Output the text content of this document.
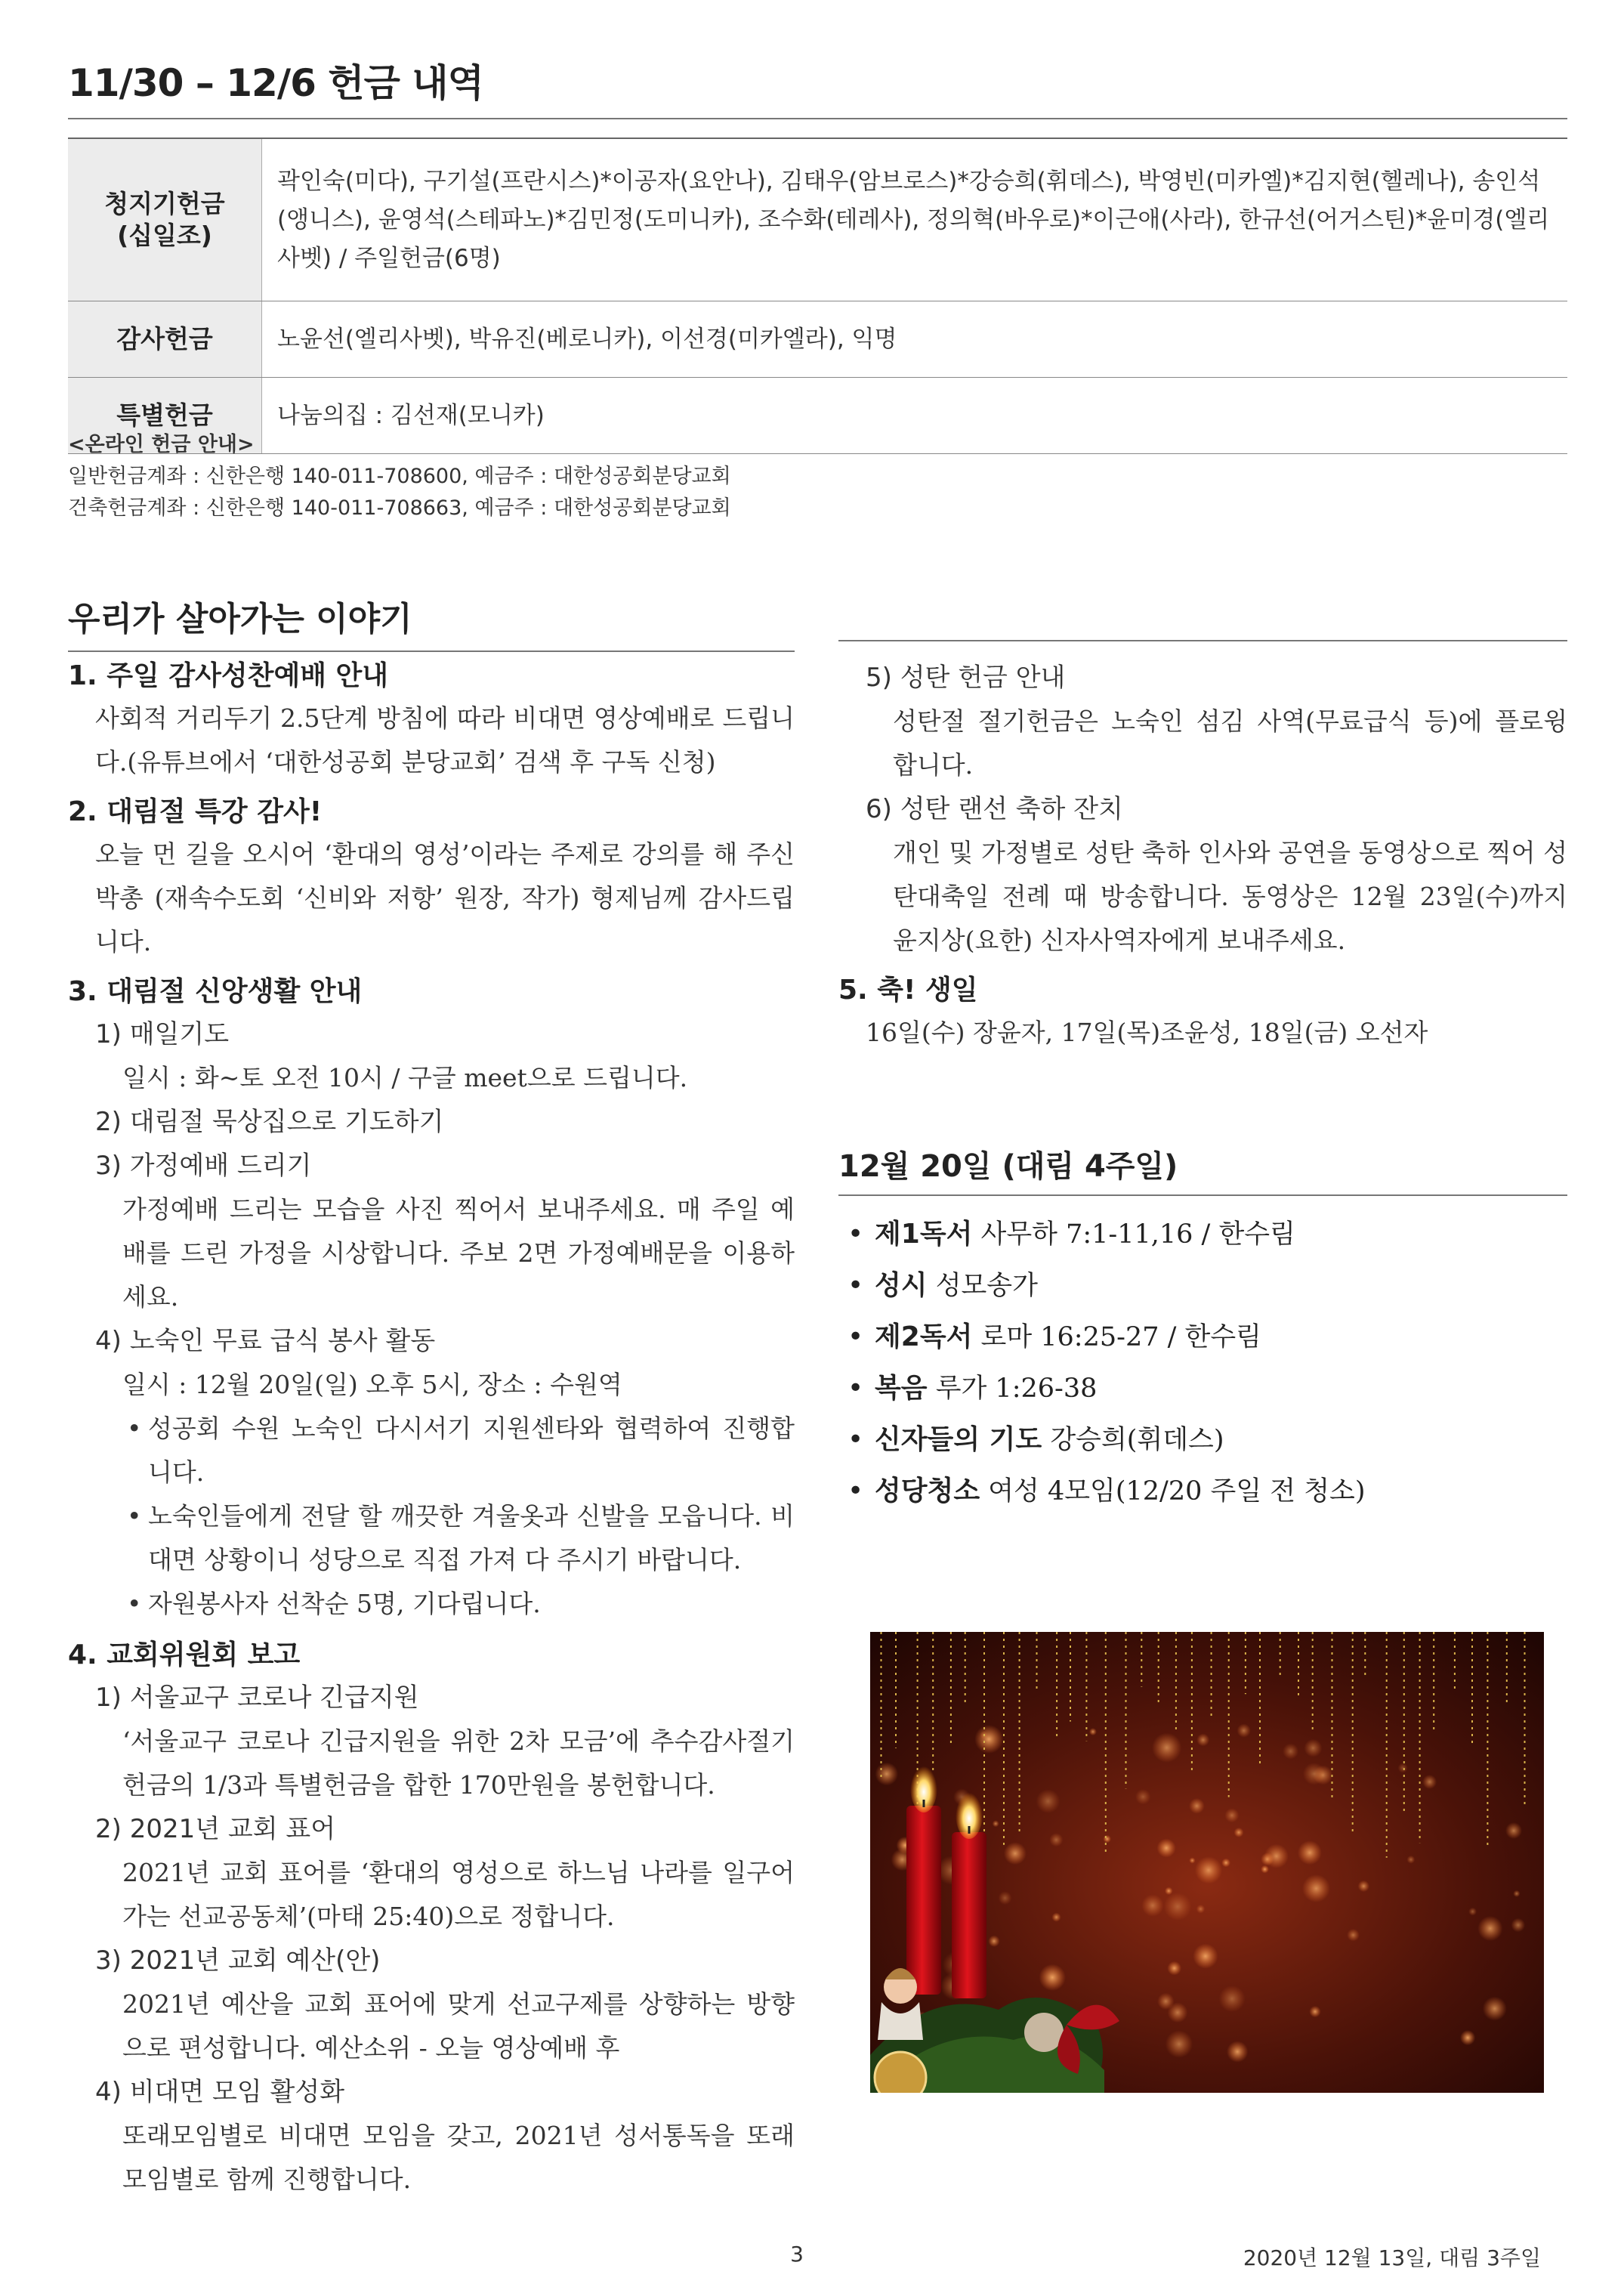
11/30 – 12/6 헌금 내역
청지기헌금
(십일조)	곽인숙(미다), 구기설(프란시스)*이공자(요안나), 김태우(암브로스)*강승희(휘데스), 박영빈(미카엘)*김지현(헬레나), 송인석(앵니스), 윤영석(스테파노)*김민정(도미니카), 조수화(테레사), 정의혁(바우로)*이근애(사라), 한규선(어거스틴)*윤미경(엘리사벳) / 주일헌금(6명)
감사헌금	노윤선(엘리사벳), 박유진(베로니카), 이선경(미카엘라), 익명
특별헌금	나눔의집 : 김선재(모니카)
<온라인 헌금 안내>
일반헌금계좌 : 신한은행 140-011-708600, 예금주 : 대한성공회분당교회
건축헌금계좌 : 신한은행 140-011-708663, 예금주 : 대한성공회분당교회
우리가 살아가는 이야기
1. 주일 감사성찬예배 안내
사회적 거리두기 2.5단계 방침에 따라 비대면 영상예배로 드립니다.(유튜브에서 ‘대한성공회 분당교회’ 검색 후 구독 신청)
2. 대림절 특강 감사!
오늘 먼 길을 오시어 ‘환대의 영성’이라는 주제로 강의를 해 주신 박총 (재속수도회 ‘신비와 저항’ 원장, 작가) 형제님께 감사드립니다.
3. 대림절 신앙생활 안내
1) 매일기도
일시 : 화~토 오전 10시 / 구글 meet으로 드립니다.
2) 대림절 묵상집으로 기도하기
3) 가정예배 드리기
가정예배 드리는 모습을 사진 찍어서 보내주세요. 매 주일 예배를 드린 가정을 시상합니다. 주보 2면 가정예배문을 이용하세요.
4) 노숙인 무료 급식 봉사 활동
일시 : 12월 20일(일) 오후 5시, 장소 : 수원역
• 성공회 수원 노숙인 다시서기 지원센타와 협력하여 진행합니다.
• 노숙인들에게 전달 할 깨끗한 겨울옷과 신발을 모읍니다. 비대면 상황이니 성당으로 직접 가져 다 주시기 바랍니다.
• 자원봉사자 선착순 5명, 기다립니다.
4. 교회위원회 보고
1) 서울교구 코로나 긴급지원
‘서울교구 코로나 긴급지원을 위한 2차 모금’에 추수감사절기 헌금의 1/3과 특별헌금을 합한 170만원을 봉헌합니다.
2) 2021년 교회 표어
2021년 교회 표어를 ‘환대의 영성으로 하느님 나라를 일구어 가는 선교공동체’(마태 25:40)으로 정합니다.
3) 2021년 교회 예산(안)
2021년 예산을 교회 표어에 맞게 선교구제를 상향하는 방향으로 편성합니다. 예산소위 - 오늘 영상예배 후
4) 비대면 모임 활성화
또래모임별로 비대면 모임을 갖고, 2021년 성서통독을 또래모임별로 함께 진행합니다.
5) 성탄 헌금 안내
성탄절 절기헌금은 노숙인 섬김 사역(무료급식 등)에 플로윙 합니다.
6) 성탄 랜선 축하 잔치
개인 및 가정별로 성탄 축하 인사와 공연을 동영상으로 찍어 성탄대축일 전례 때 방송합니다. 동영상은 12월 23일(수)까지 윤지상(요한) 신자사역자에게 보내주세요.
5. 축! 생일
16일(수) 장윤자, 17일(목)조윤성, 18일(금) 오선자
12월 20일 (대림 4주일)
• 제1독서 사무하 7:1-11,16 / 한수림
• 성시 성모송가
• 제2독서 로마 16:25-27 / 한수림
• 복음 루가 1:26-38
• 신자들의 기도 강승희(휘데스)
• 성당청소 여성 4모임(12/20 주일 전 청소)
3	2020년 12월 13일, 대림 3주일
